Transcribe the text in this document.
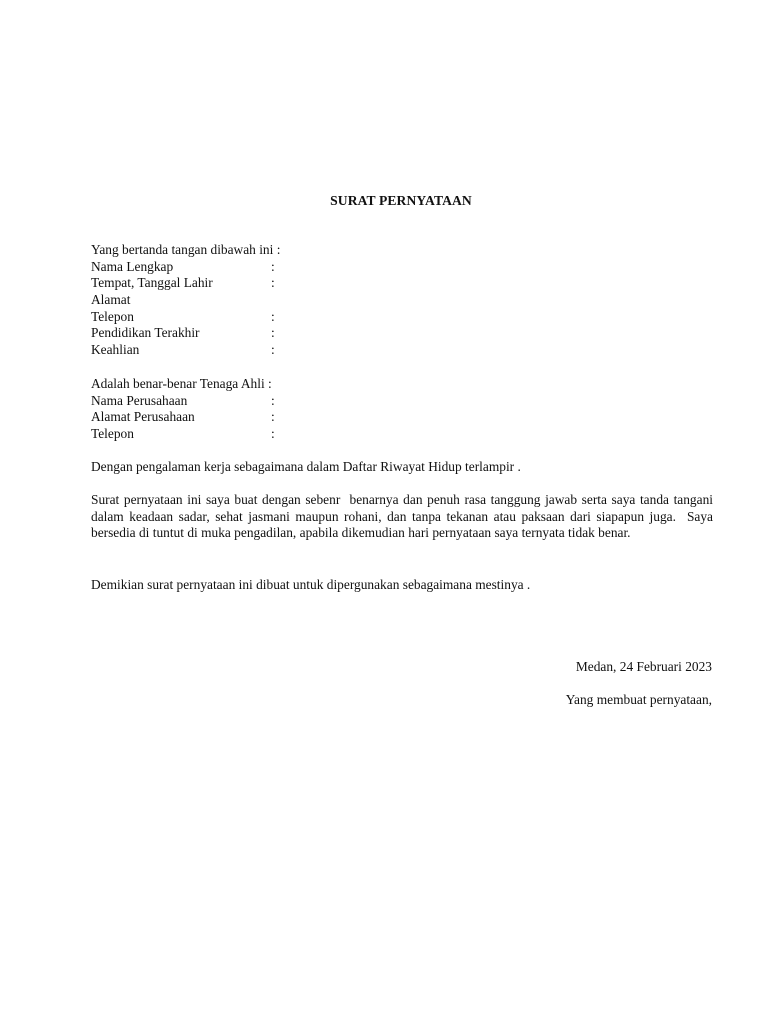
SURAT PERNYATAAN
Yang bertanda tangan dibawah ini :
Nama Lengkap	:
Tempat, Tanggal Lahir	:
Alamat
Telepon	:
Pendidikan Terakhir	:
Keahlian	:
Adalah benar-benar Tenaga Ahli :
Nama Perusahaan	:
Alamat Perusahaan	:
Telepon	:
Dengan pengalaman kerja sebagaimana dalam Daftar Riwayat Hidup terlampir .
Surat pernyataan ini saya buat dengan sebenr  benarnya dan penuh rasa tanggung jawab serta saya tanda tangani dalam keadaan sadar, sehat jasmani maupun rohani, dan tanpa tekanan atau paksaan dari siapapun juga.  Saya bersedia di tuntut di muka pengadilan, apabila dikemudian hari pernyataan saya ternyata tidak benar.
Demikian surat pernyataan ini dibuat untuk dipergunakan sebagaimana mestinya .
Medan, 24 Februari 2023
Yang membuat pernyataan,
